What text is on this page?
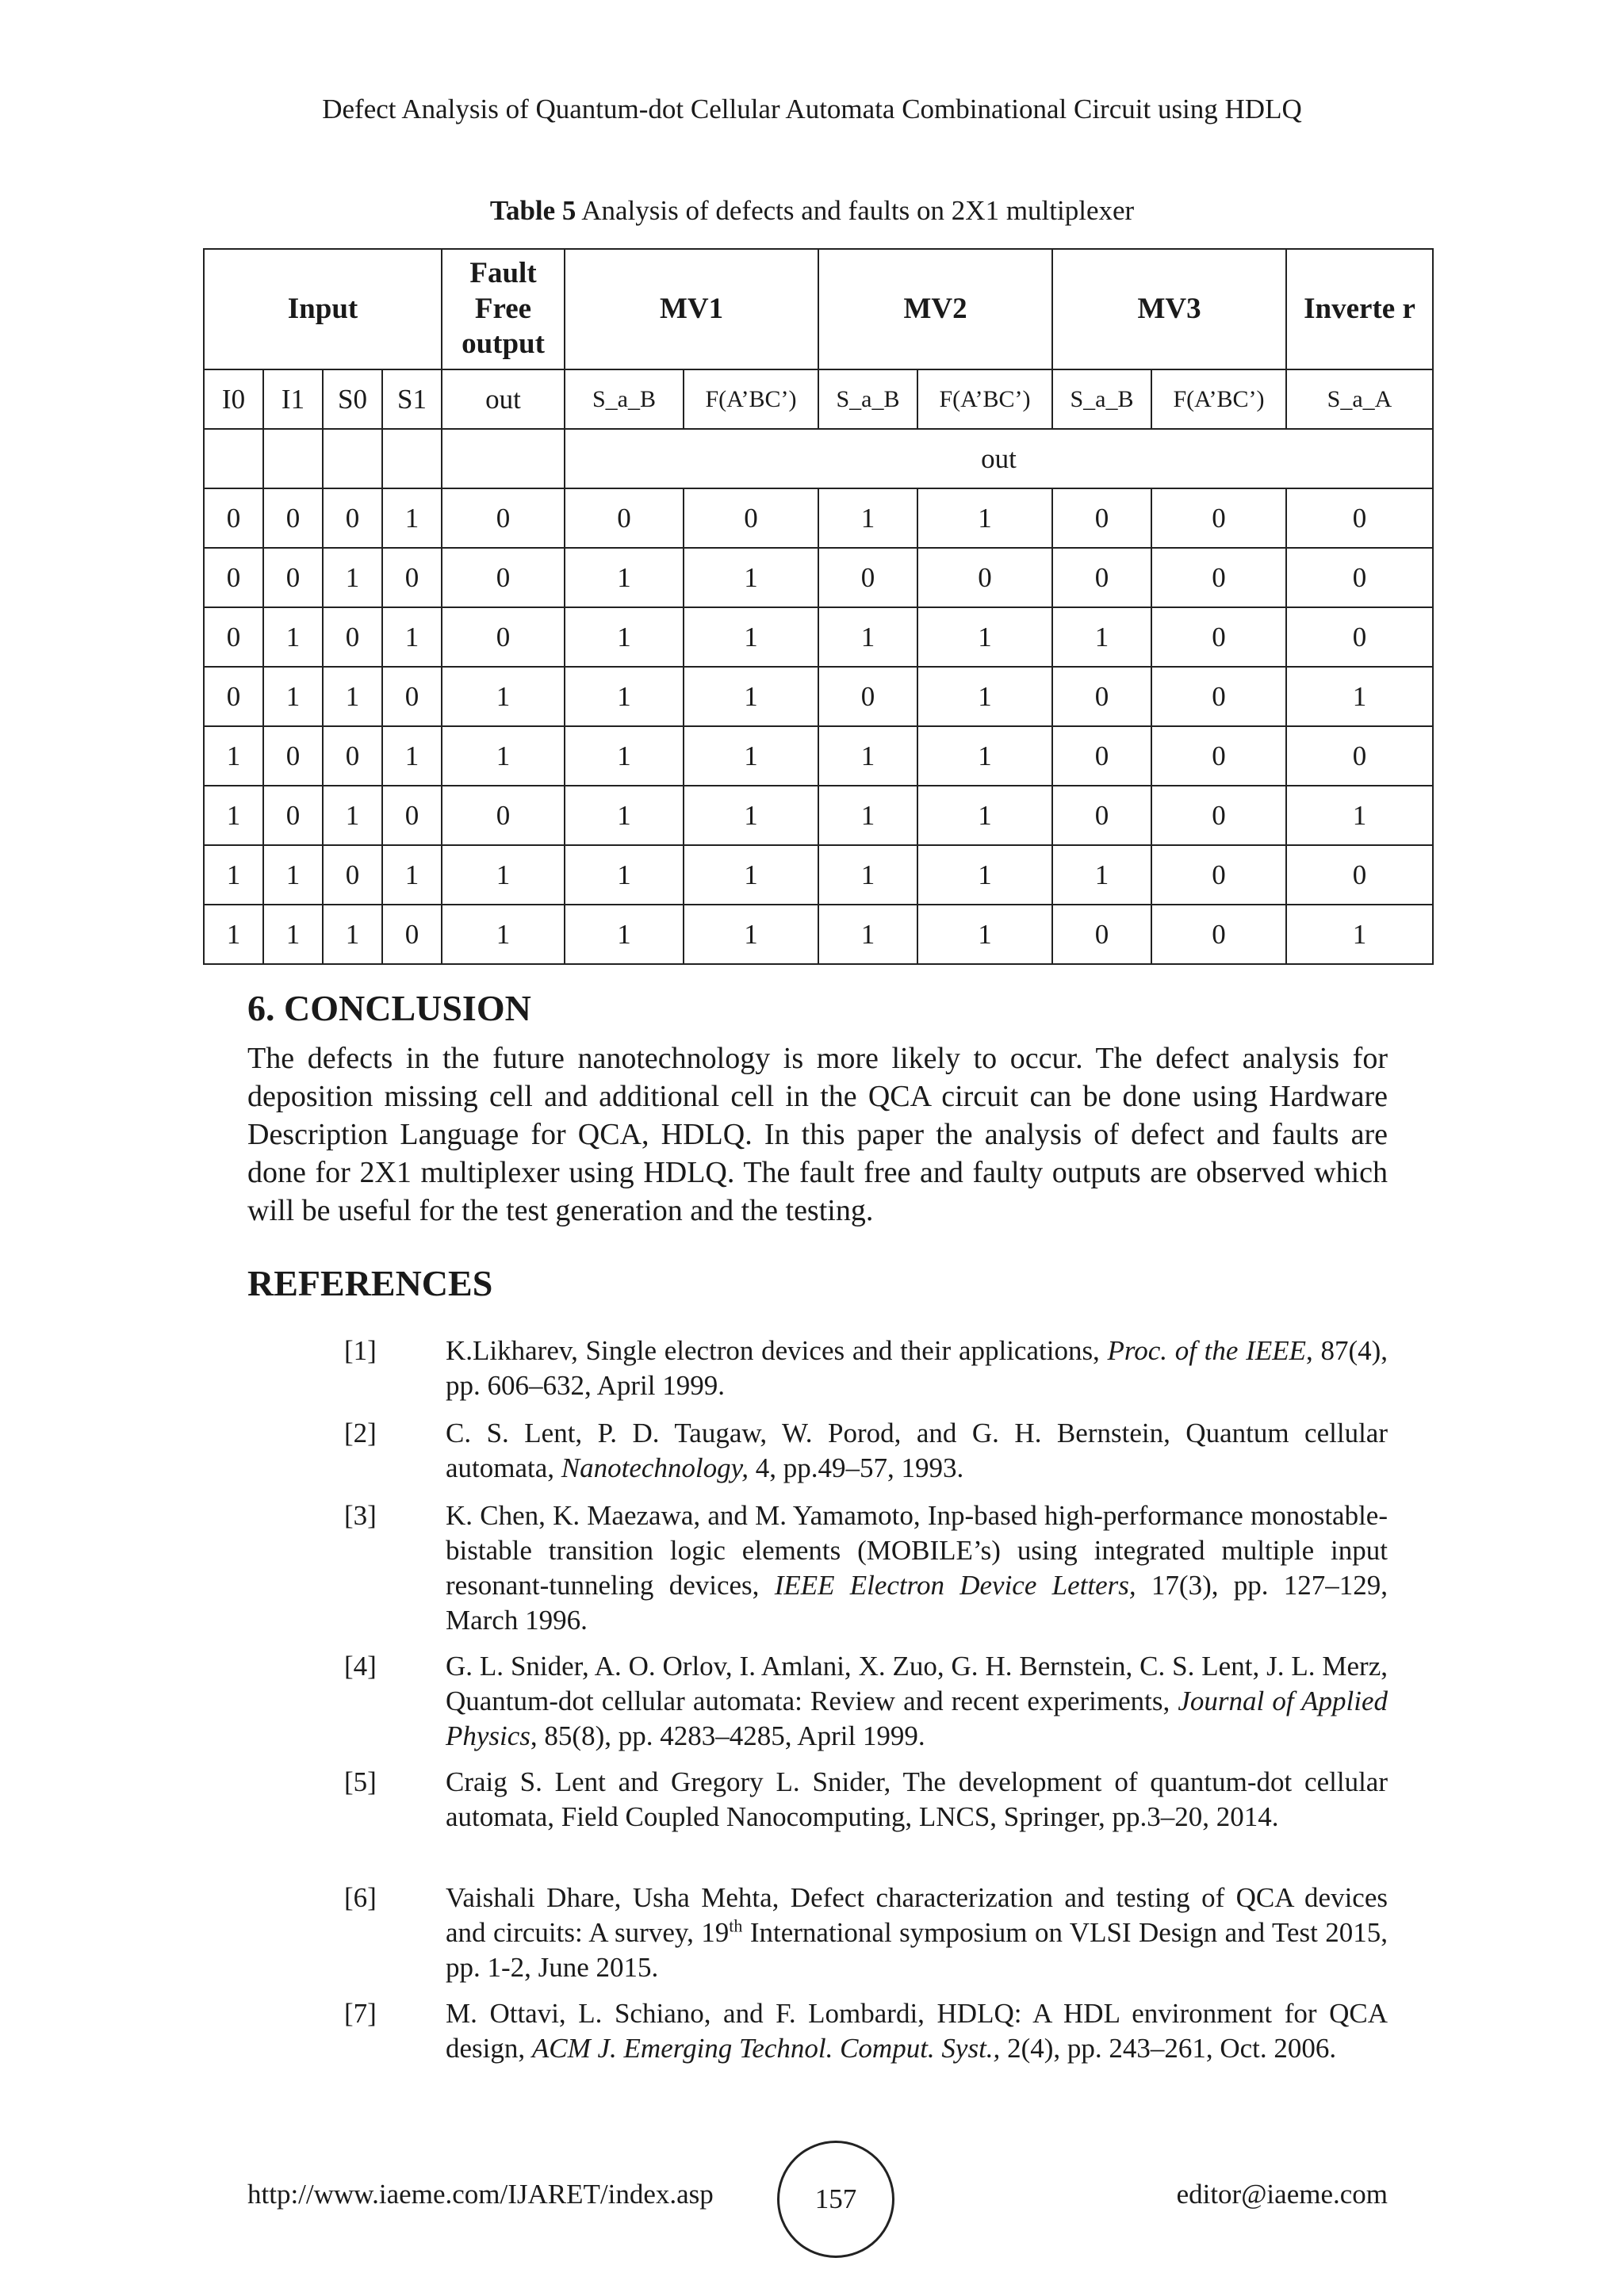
Defect Analysis of Quantum-dot Cellular Automata Combinational Circuit using HDLQ
Table 5 Analysis of defects and faults on 2X1 multiplexer
Input				Fault Free output	MV1		MV2		MV3		Inverte r
I0	I1	S0	S1	out	S_a_B	F(A’BC’)	S_a_B	F(A’BC’)	S_a_B	F(A’BC’)	S_a_A
					out						
0	0	0	1	0	0	0	1	1	0	0	0
0	0	1	0	0	1	1	0	0	0	0	0
0	1	0	1	0	1	1	1	1	1	0	0
0	1	1	0	1	1	1	0	1	0	0	1
1	0	0	1	1	1	1	1	1	0	0	0
1	0	1	0	0	1	1	1	1	0	0	1
1	1	0	1	1	1	1	1	1	1	0	0
1	1	1	0	1	1	1	1	1	0	0	1
6. CONCLUSION
The defects in the future nanotechnology is more likely to occur. The defect analysis for deposition missing cell and additional cell in the QCA circuit can be done using Hardware Description Language for QCA, HDLQ. In this paper the analysis of defect and faults are done for 2X1 multiplexer using HDLQ. The fault free and faulty outputs are observed which will be useful for the test generation and the testing.
REFERENCES
[1] K.Likharev, Single electron devices and their applications, Proc. of the IEEE, 87(4), pp. 606–632, April 1999.
[2] C. S. Lent, P. D. Taugaw, W. Porod, and G. H. Bernstein, Quantum cellular automata, Nanotechnology, 4, pp.49–57, 1993.
[3] K. Chen, K. Maezawa, and M. Yamamoto, Inp-based high-performance monostable-bistable transition logic elements (MOBILE’s) using integrated multiple input resonant-tunneling devices, IEEE Electron Device Letters, 17(3), pp. 127–129, March 1996.
[4] G. L. Snider, A. O. Orlov, I. Amlani, X. Zuo, G. H. Bernstein, C. S. Lent, J. L. Merz, Quantum-dot cellular automata: Review and recent experiments, Journal of Applied Physics, 85(8), pp. 4283–4285, April 1999.
[5] Craig S. Lent and Gregory L. Snider, The development of quantum-dot cellular automata, Field Coupled Nanocomputing, LNCS, Springer, pp.3–20, 2014.
[6] Vaishali Dhare, Usha Mehta, Defect characterization and testing of QCA devices and circuits: A survey, 19th International symposium on VLSI Design and Test 2015, pp. 1-2, June 2015.
[7] M. Ottavi, L. Schiano, and F. Lombardi, HDLQ: A HDL environment for QCA design, ACM J. Emerging Technol. Comput. Syst., 2(4), pp. 243–261, Oct. 2006.
http://www.iaeme.com/IJARET/index.asp	157	editor@iaeme.com
